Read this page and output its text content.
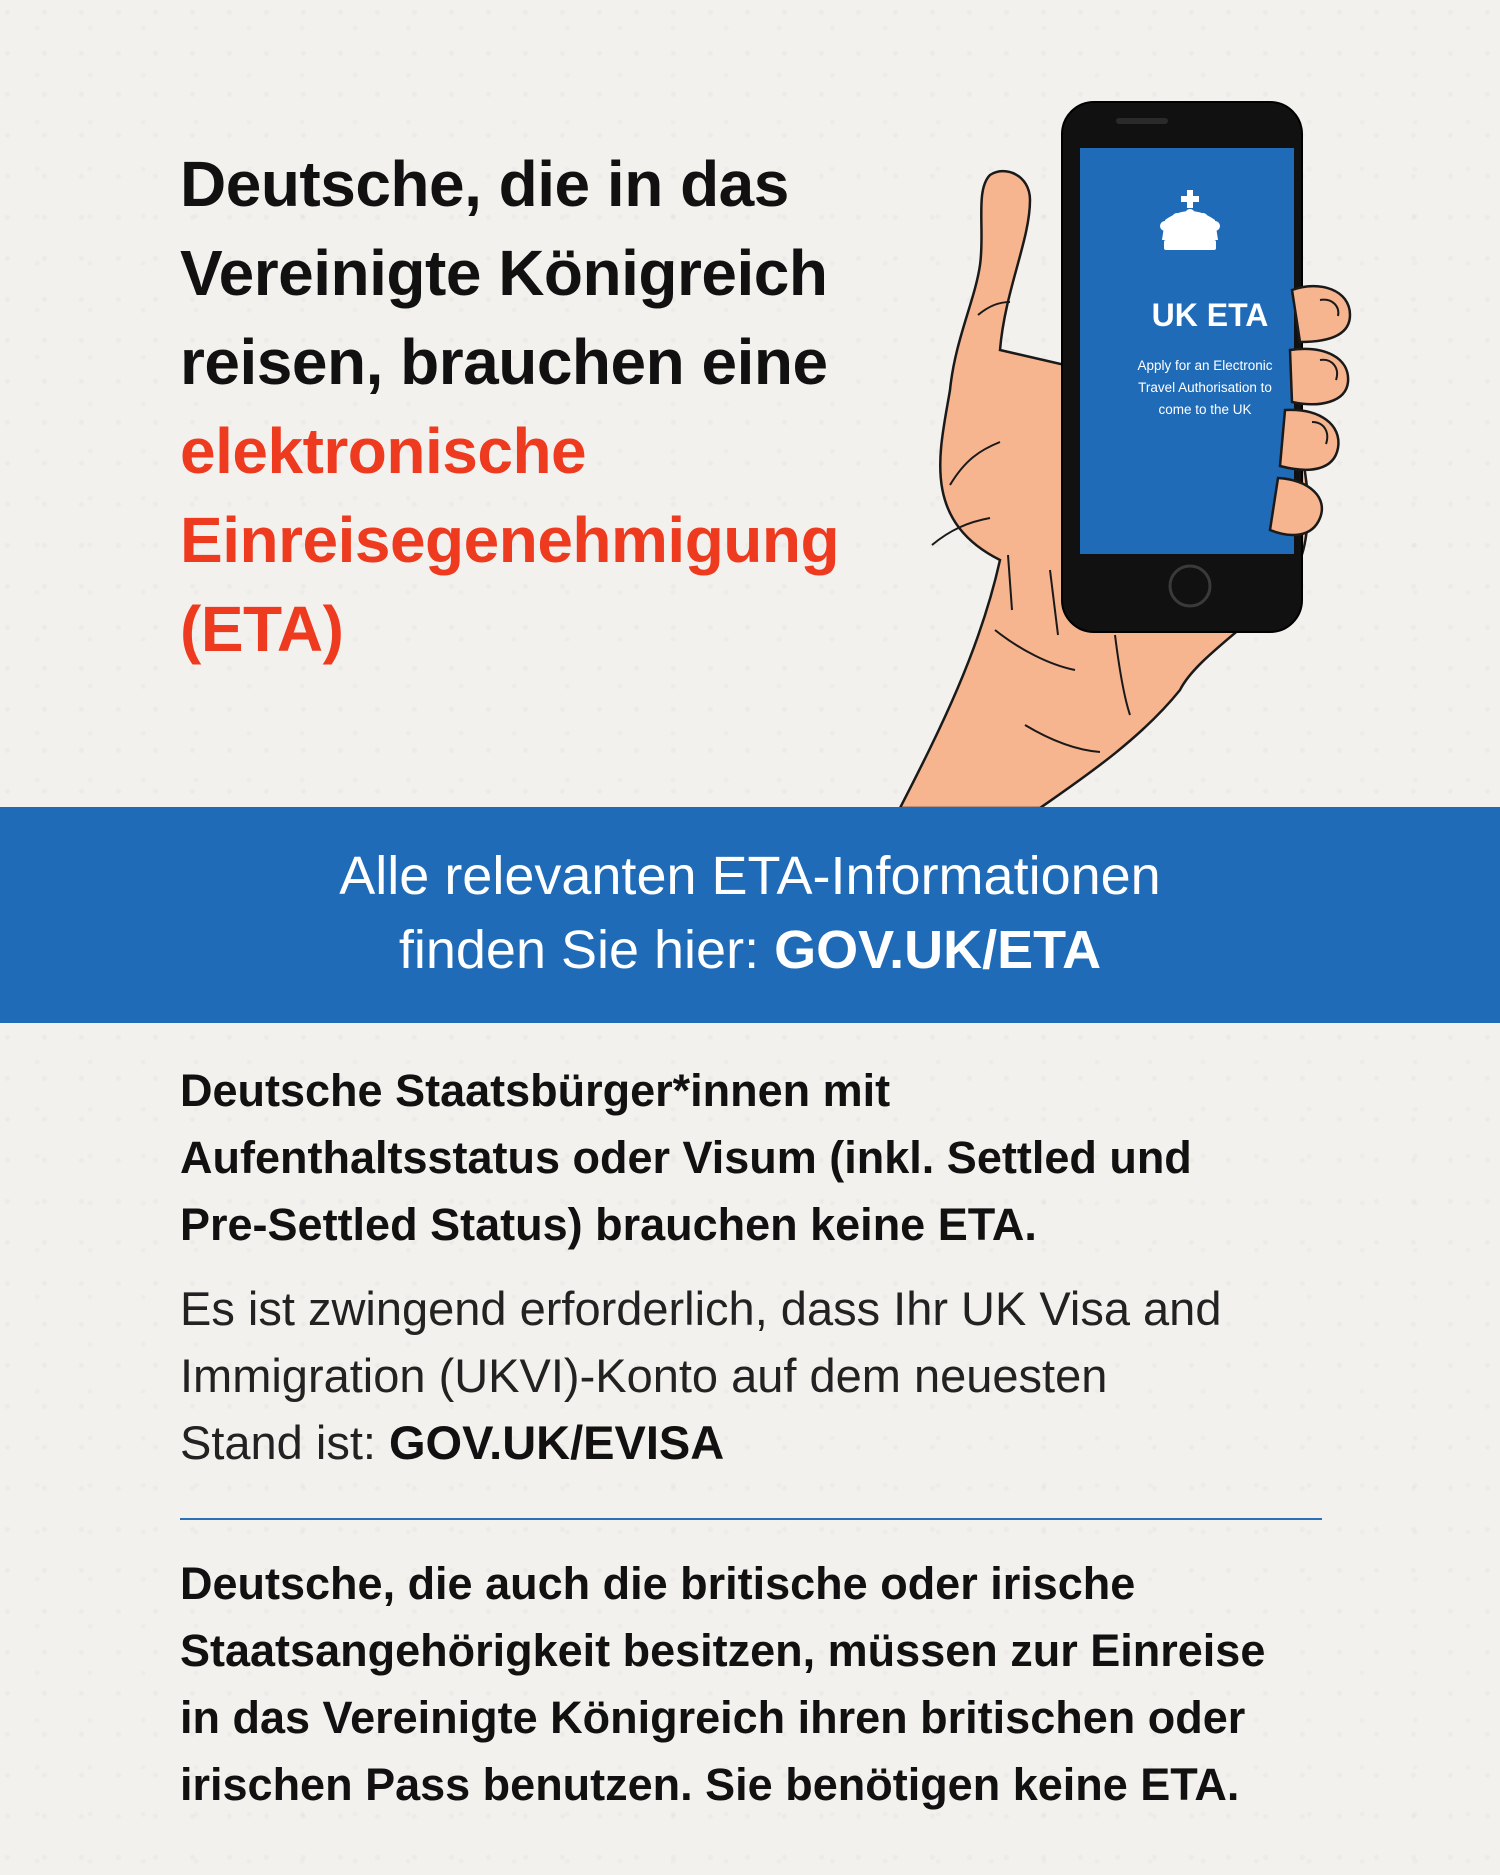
Deutsche, die in das
Vereinigte Königreich
reisen, brauchen eine
elektronische
Einreisegenehmigung
(ETA)
UK ETA
Apply for an Electronic
Travel Authorisation to
come to the UK
Alle relevanten ETA-Informationen
finden Sie hier: GOV.UK/ETA

Deutsche Staatsbürger*innen mit
Aufenthaltsstatus oder Visum (inkl. Settled und
Pre-Settled Status) brauchen keine ETA.

Es ist zwingend erforderlich, dass Ihr UK Visa and
Immigration (UKVI)-Konto auf dem neuesten
Stand ist: GOV.UK/EVISA

Deutsche, die auch die britische oder irische
Staatsangehörigkeit besitzen, müssen zur Einreise
in das Vereinigte Königreich ihren britischen oder
irischen Pass benutzen. Sie benötigen keine ETA.
